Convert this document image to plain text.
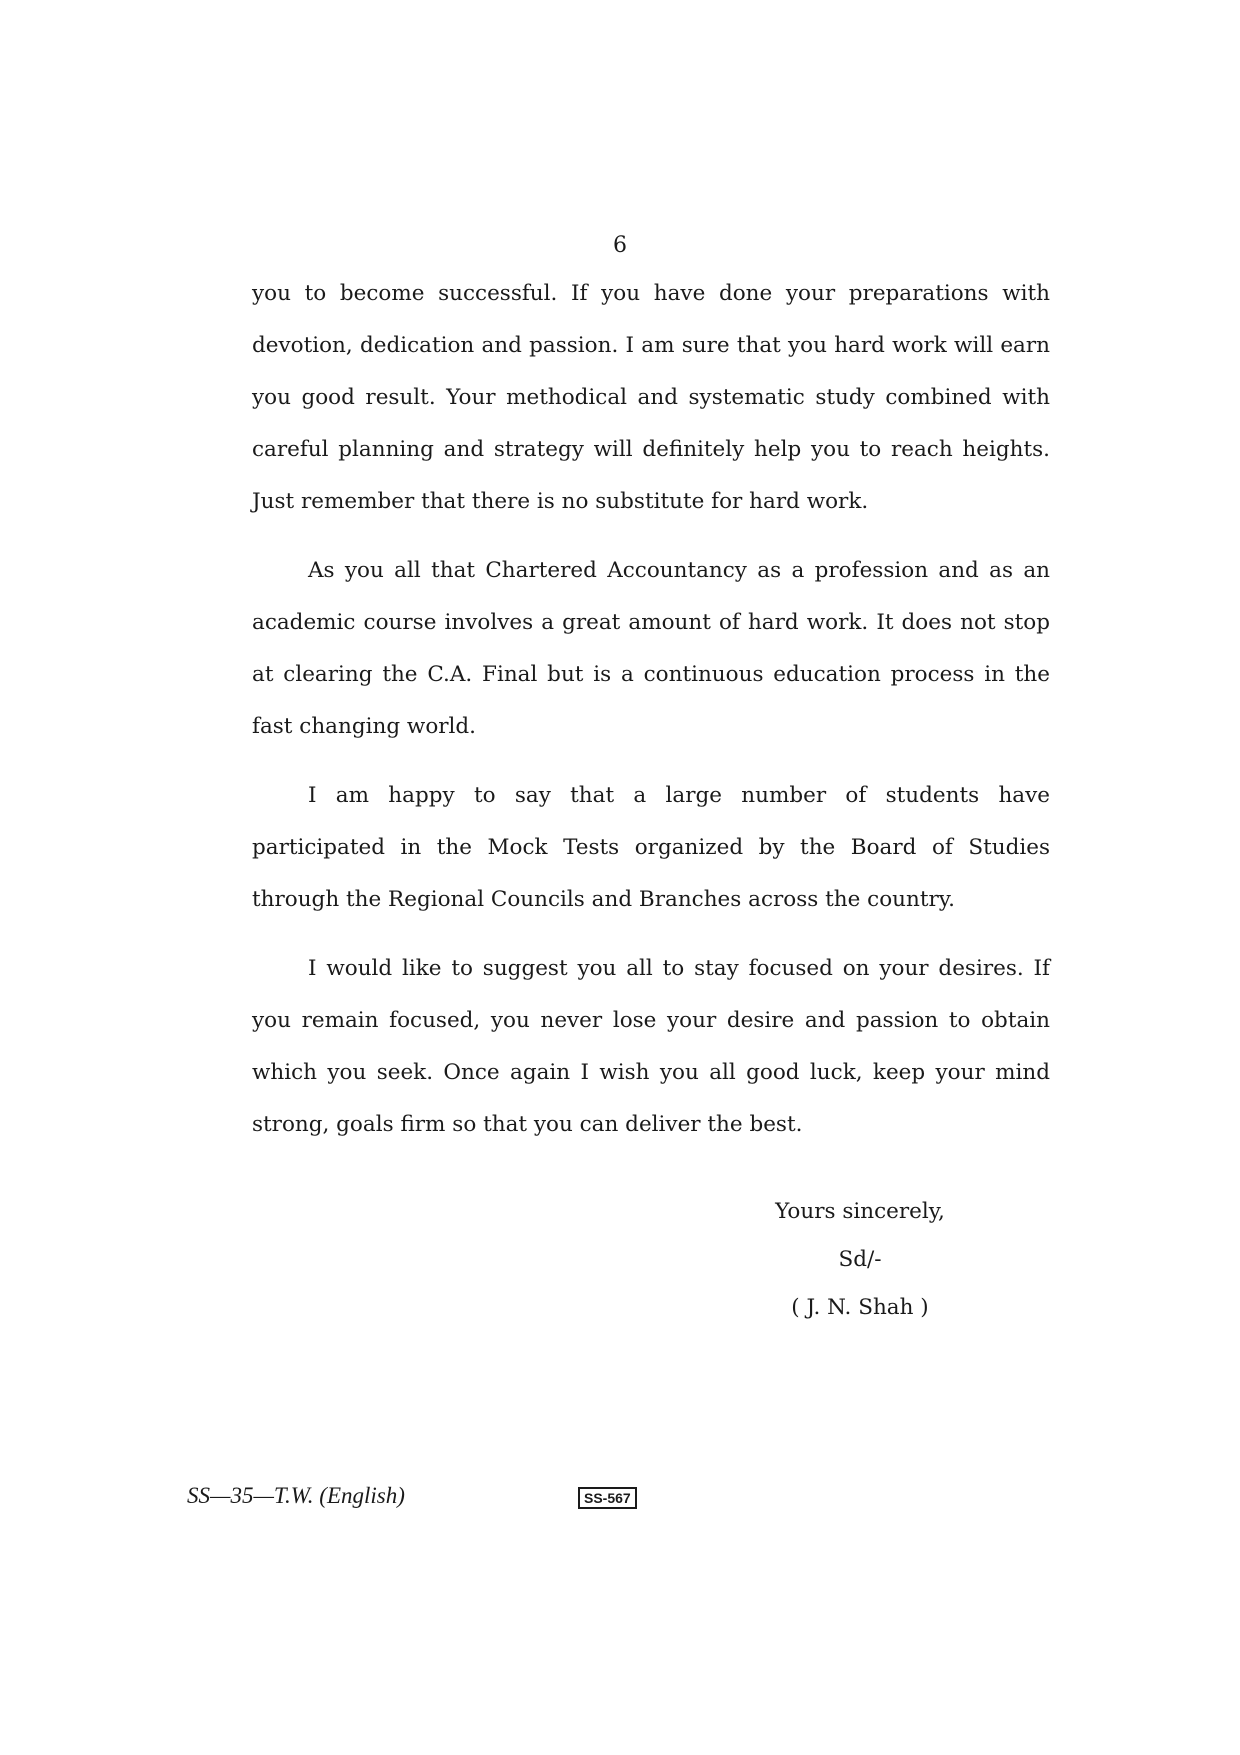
6

you to become successful. If you have done your preparations with devotion, dedication and passion. I am sure that you hard work will earn you good result. Your methodical and systematic study combined with careful planning and strategy will definitely help you to reach heights. Just remember that there is no substitute for hard work.

As you all that Chartered Accountancy as a profession and as an academic course involves a great amount of hard work. It does not stop at clearing the C.A. Final but is a continuous education process in the fast changing world.

I am happy to say that a large number of students have participated in the Mock Tests organized by the Board of Studies through the Regional Councils and Branches across the country.

I would like to suggest you all to stay focused on your desires. If you remain focused, you never lose your desire and passion to obtain which you seek. Once again I wish you all good luck, keep your mind strong, goals firm so that you can deliver the best.

Yours sincerely,
Sd/-
( J. N. Shah )
SS—35—T.W. (English)	SS-567
